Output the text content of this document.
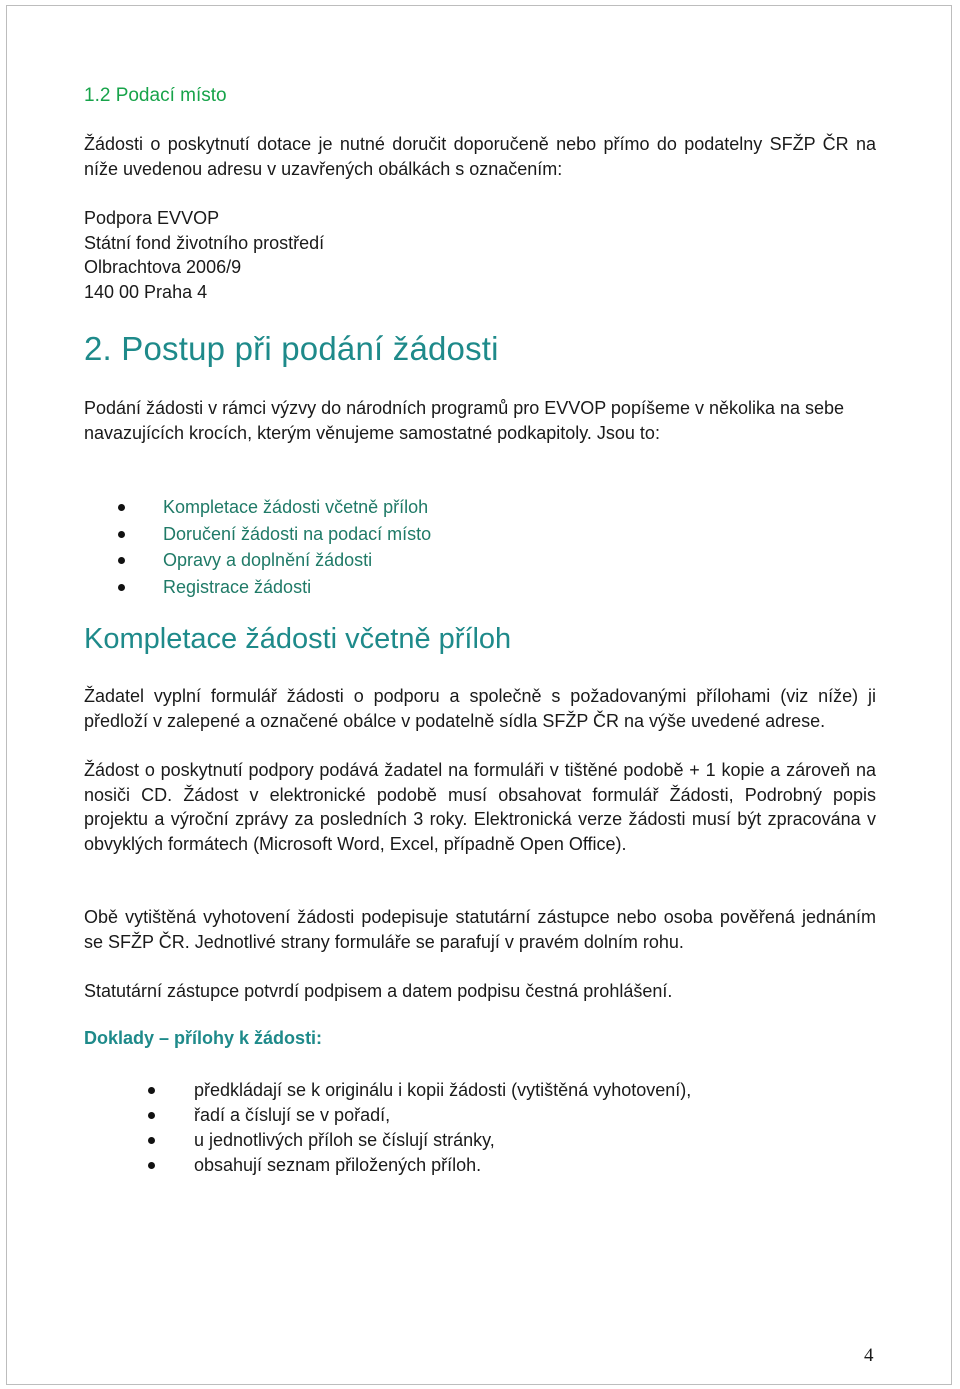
1.2 Podací místo
Žádosti o poskytnutí dotace je nutné doručit doporučeně nebo přímo do podatelny SFŽP ČR na níže uvedenou adresu v uzavřených obálkách s označením:
Podpora EVVOP
Státní fond životního prostředí
Olbrachtova 2006/9
140 00 Praha 4
2. Postup při podání žádosti
Podání žádosti v rámci výzvy do národních programů pro EVVOP popíšeme v několika na sebe navazujících krocích, kterým věnujeme samostatné podkapitoly. Jsou to:
Kompletace žádosti včetně příloh
Doručení žádosti na podací místo
Opravy a doplnění žádosti
Registrace žádosti
Kompletace žádosti včetně příloh
Žadatel vyplní formulář žádosti o podporu a společně s požadovanými přílohami (viz níže) ji předloží v zalepené a označené obálce v podatelně sídla SFŽP ČR na výše uvedené adrese.
Žádost o poskytnutí podpory podává žadatel na formuláři v tištěné podobě + 1 kopie a zároveň na nosiči CD. Žádost v elektronické podobě musí obsahovat formulář Žádosti, Podrobný popis projektu a výroční zprávy za posledních 3 roky. Elektronická verze žádosti musí být zpracována v obvyklých formátech (Microsoft Word, Excel, případně Open Office).
Obě vytištěná vyhotovení žádosti podepisuje statutární zástupce nebo osoba pověřená jednáním se SFŽP ČR. Jednotlivé strany formuláře se parafují v pravém dolním rohu.
Statutární zástupce potvrdí podpisem a datem podpisu čestná prohlášení.
Doklady – přílohy k žádosti:
předkládají se k originálu i kopii žádosti (vytištěná vyhotovení),
řadí a číslují se v pořadí,
u jednotlivých příloh se číslují stránky,
obsahují seznam přiložených příloh.
4
